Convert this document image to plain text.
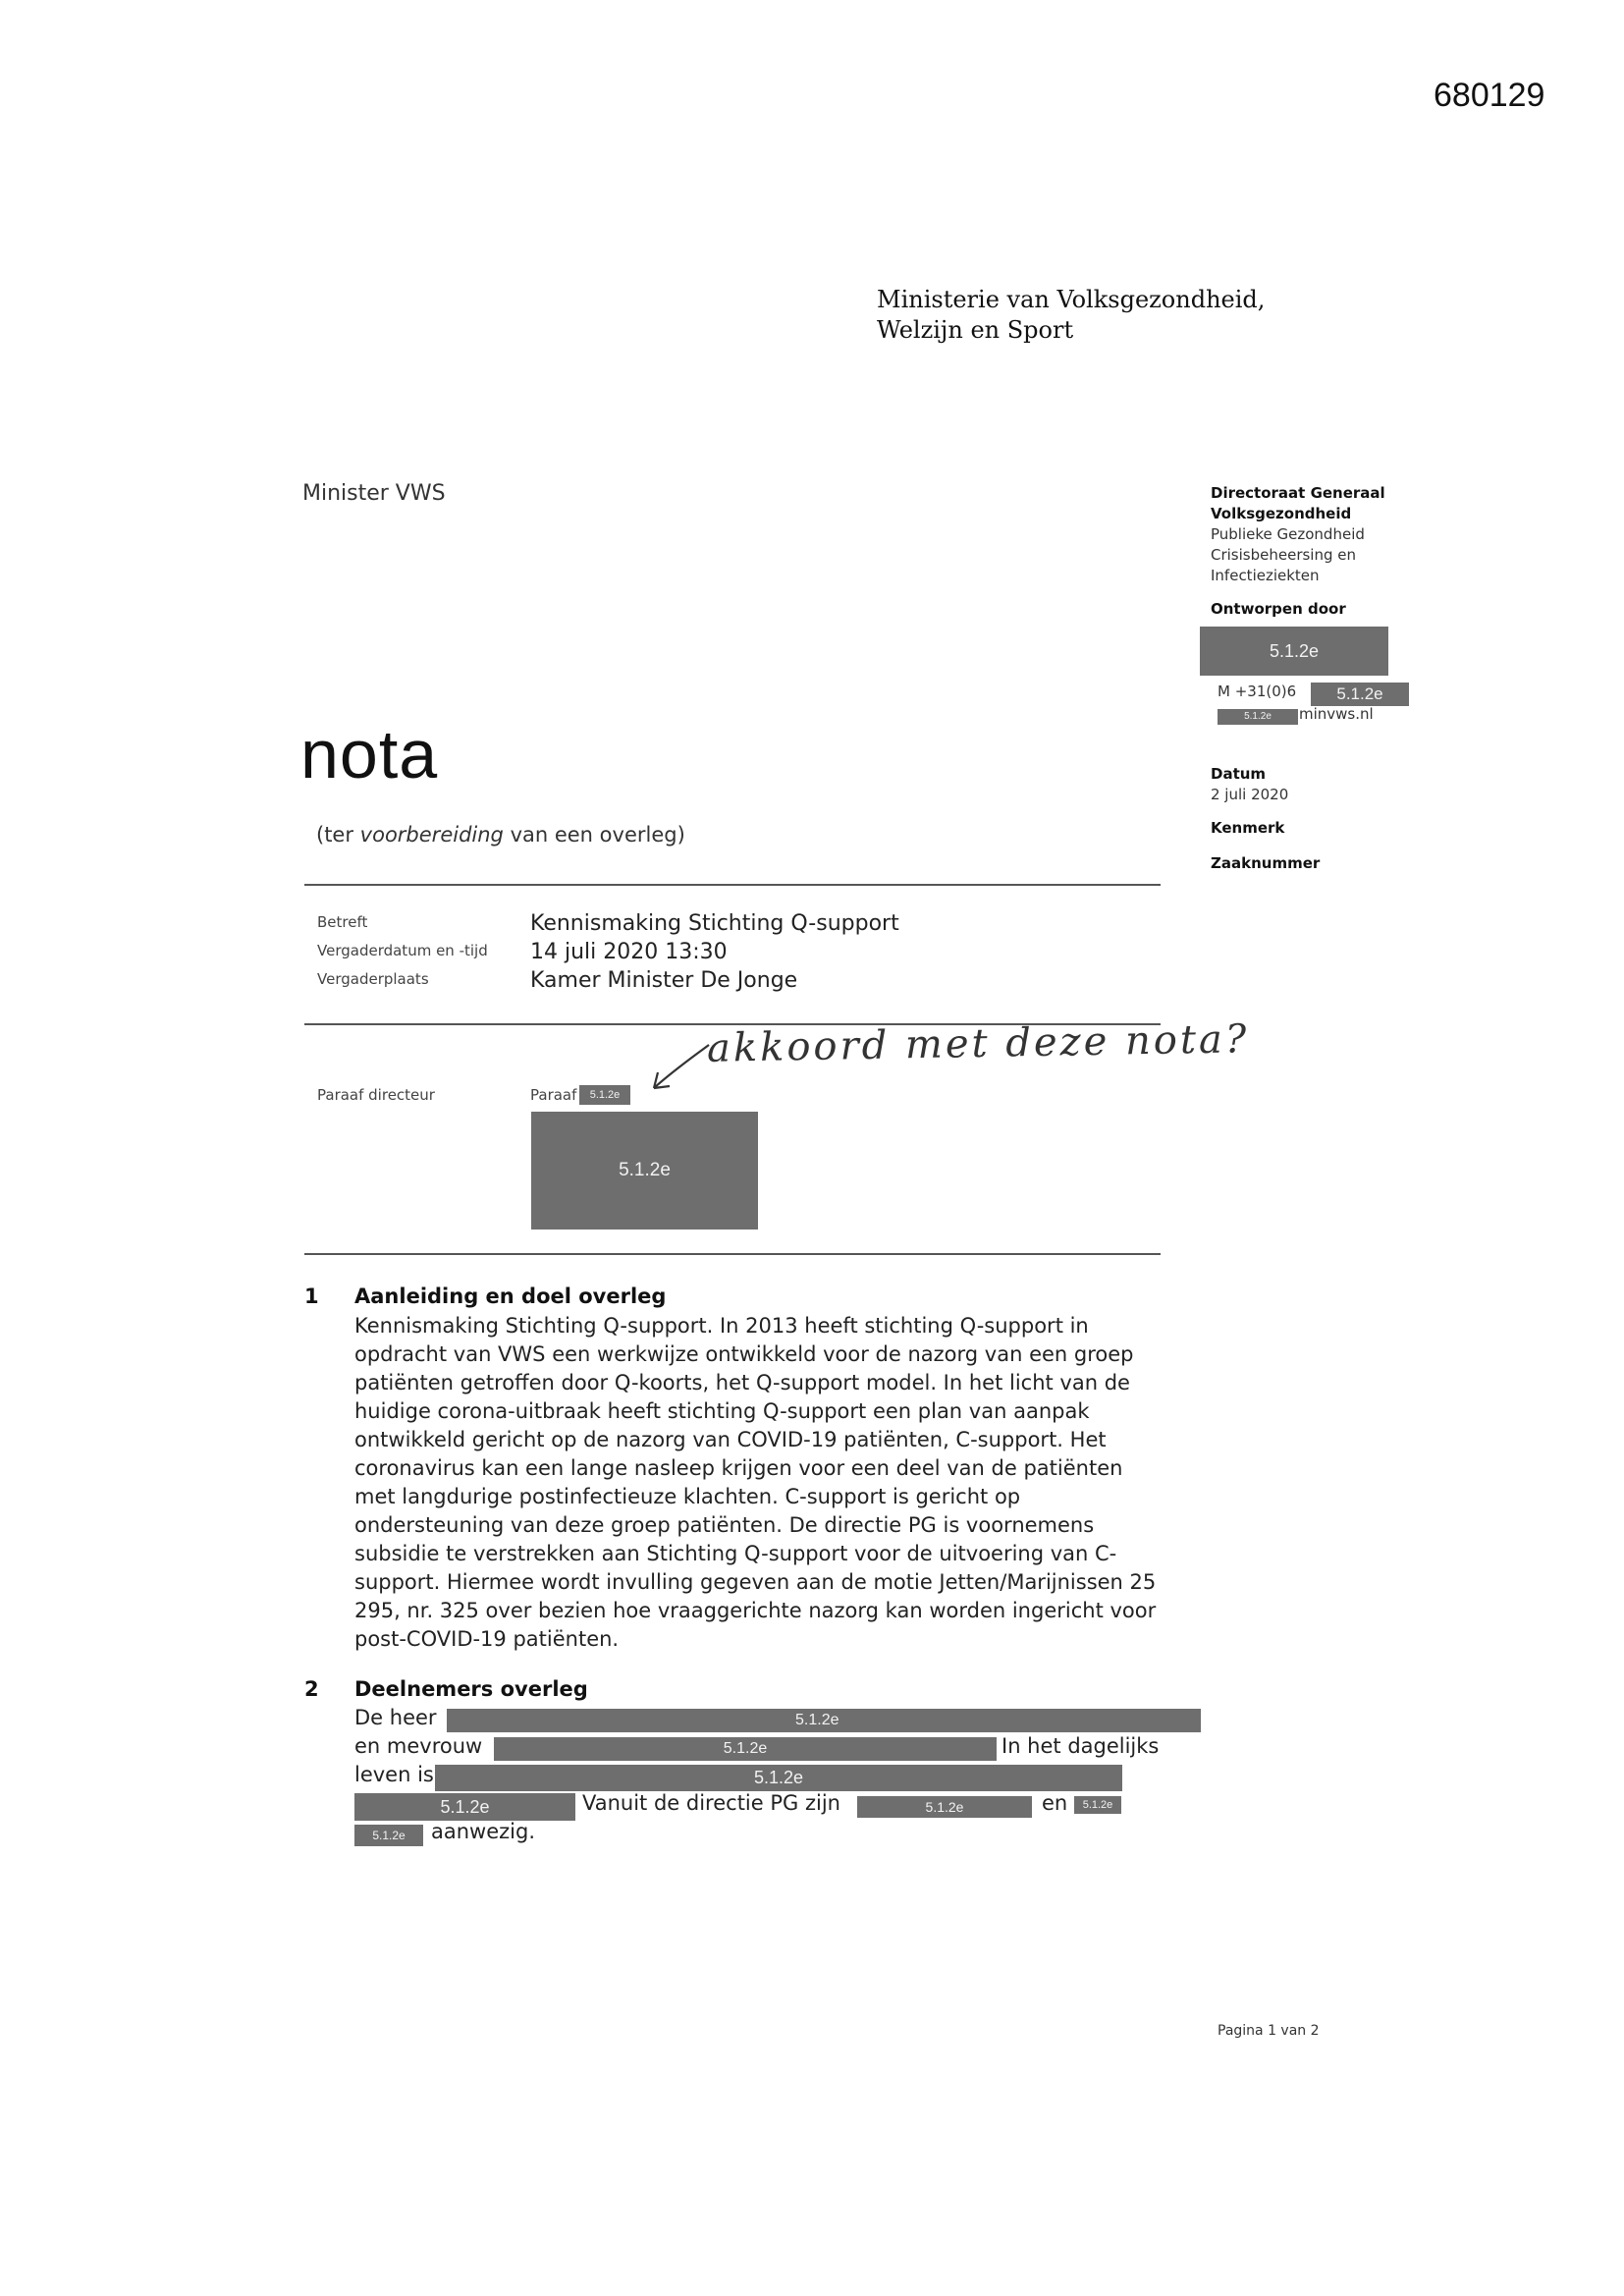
680129
Ministerie van Volksgezondheid,
Welzijn en Sport
Minister VWS
nota
(ter voorbereiding van een overleg)
Directoraat Generaal
Volksgezondheid
Publieke Gezondheid
Crisisbeheersing en
Infectieziekten
Ontworpen door
5.1.2e
M +31(0)6	5.1.2e
5.1.2e	minvws.nl
Datum
2 juli 2020
Kenmerk
Zaaknummer
Betreft	Kennismaking Stichting Q-support
Vergaderdatum en -tijd 14 juli 2020 13:30
Vergaderplaats	Kamer Minister De Jonge
Paraaf directeur	Paraaf	5.1.2e
5.1.2e
akkoord met deze nota?
1 Aanleiding en doel overleg
Kennismaking Stichting Q-support. In 2013 heeft stichting Q-support in
opdracht van VWS een werkwijze ontwikkeld voor de nazorg van een groep
patiënten getroffen door Q-koorts, het Q-support model. In het licht van de
huidige corona-uitbraak heeft stichting Q-support een plan van aanpak
ontwikkeld gericht op de nazorg van COVID-19 patiënten, C-support. Het
coronavirus kan een lange nasleep krijgen voor een deel van de patiënten
met langdurige postinfectieuze klachten. C-support is gericht op
ondersteuning van deze groep patiënten. De directie PG is voornemens
subsidie te verstrekken aan Stichting Q-support voor de uitvoering van C-
support. Hiermee wordt invulling gegeven aan de motie Jetten/Marijnissen 25
295, nr. 325 over bezien hoe vraaggerichte nazorg kan worden ingericht voor
post-COVID-19 patiënten.
2 Deelnemers overleg
De heer	5.1.2e
en mevrouw	5.1.2e	In het dagelijks
leven is	5.1.2e
5.1.2e	Vanuit de directie PG zijn	5.1.2e	en	5.1.2e
5.1.2e	aanwezig.
Pagina 1 van 2
